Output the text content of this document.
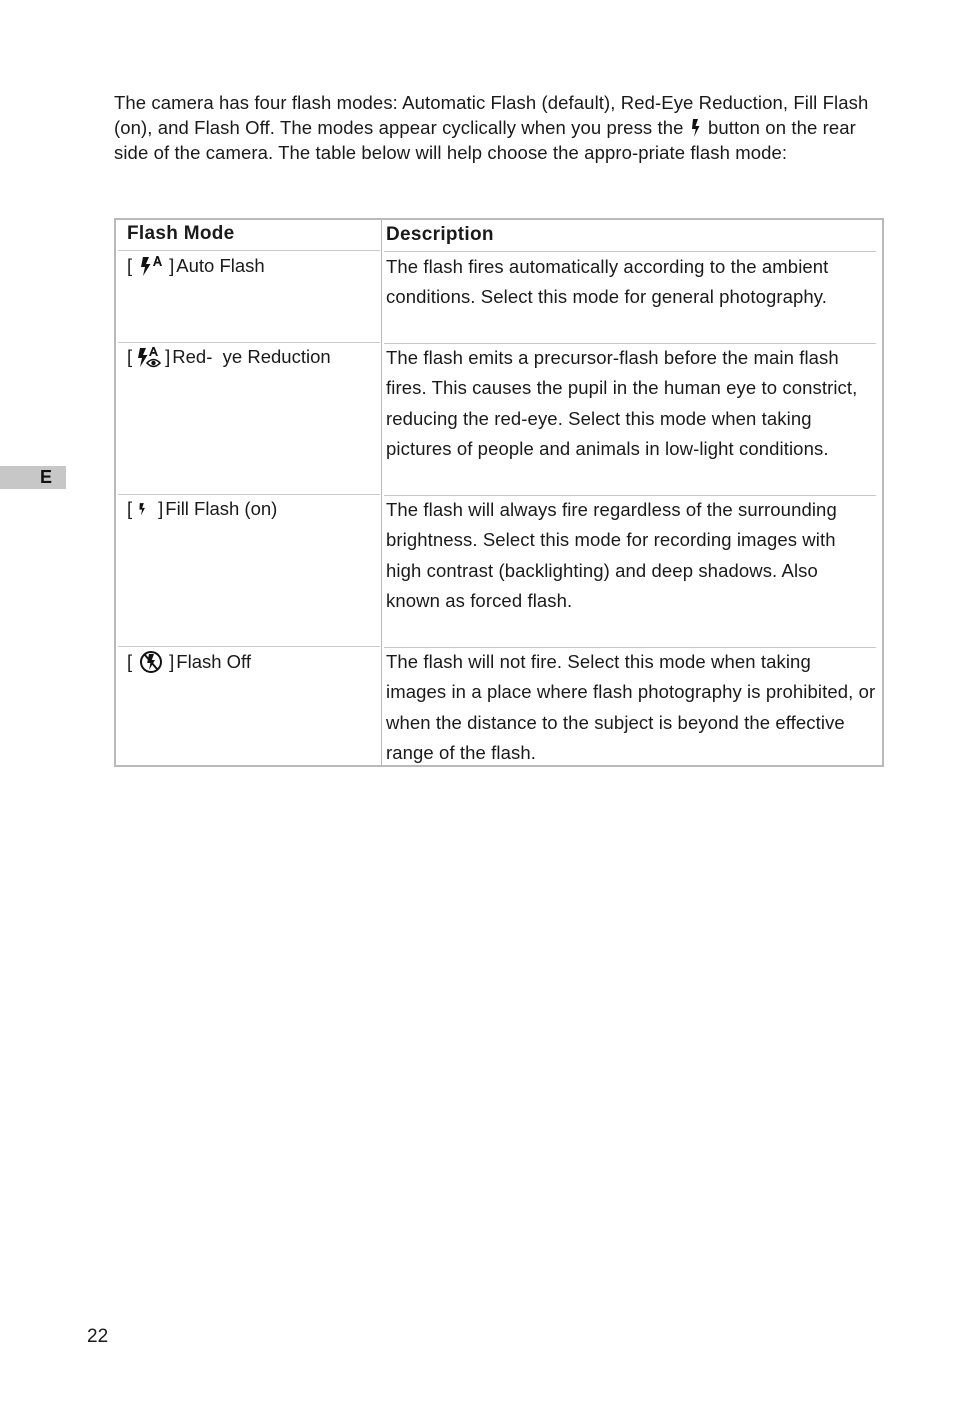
The camera has four flash modes: Automatic Flash (default), Red-Eye Reduction, Fill Flash (on), and Flash Off. The modes appear cyclically when you press the button on the rear side of the camera. The table below will help choose the appro-priate flash mode:
Flash Mode	Description
[ ] Auto Flash	The flash fires automatically according to the ambient conditions. Select this mode for general photography.
[ ] Red-  ye Reduction	The flash emits a precursor-flash before the main flash fires. This causes the pupil in the human eye to constrict, reducing the red-eye. Select this mode when taking pictures of people and animals in low-light conditions.
[ ] Fill Flash (on)	The flash will always fire regardless of the surrounding brightness. Select this mode for recording images with high contrast (backlighting) and deep shadows. Also known as forced flash.
[ ] Flash Off	The flash will not fire. Select this mode when taking images in a place where flash photography is prohibited, or when the distance to the subject is beyond the effective range of the flash.
E
22
